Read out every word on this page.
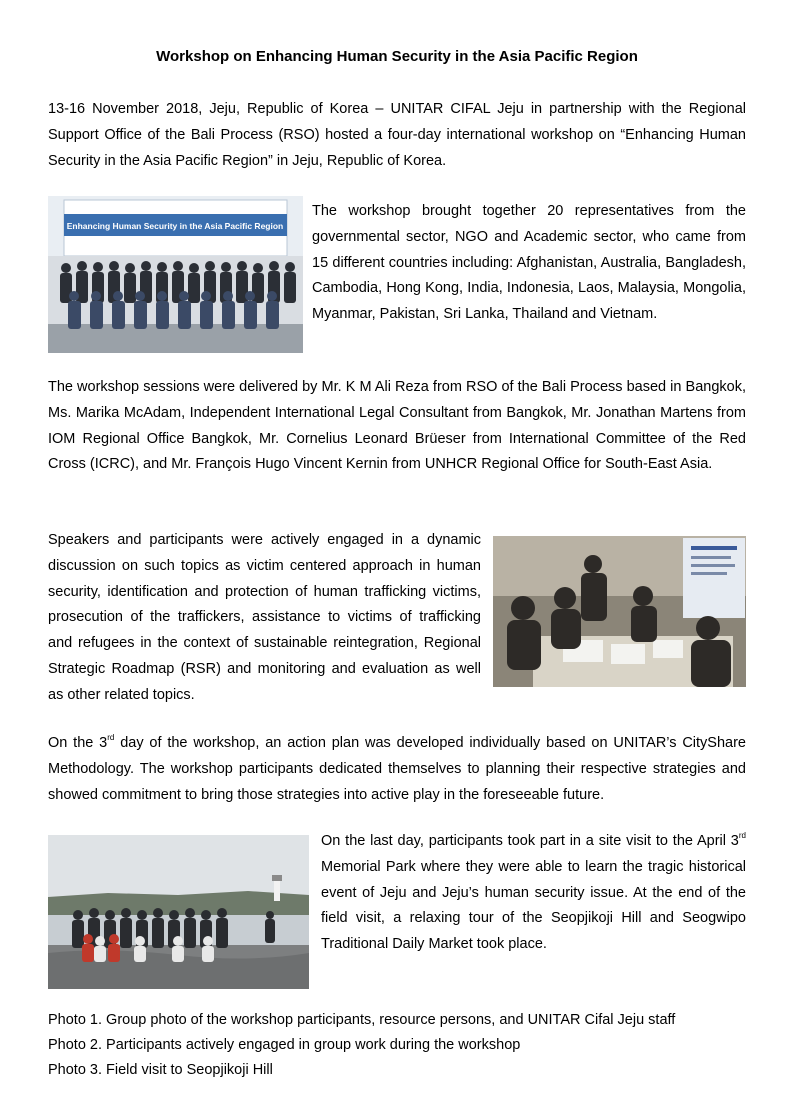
Workshop on Enhancing Human Security in the Asia Pacific Region

13-16 November 2018, Jeju, Republic of Korea – UNITAR CIFAL Jeju in partnership with the Regional Support Office of the Bali Process (RSO) hosted a four-day international workshop on “Enhancing Human Security in the Asia Pacific Region” in Jeju, Republic of Korea.

Enhancing Human Security in the Asia Pacific Region

The workshop brought together 20 representatives from the governmental sector, NGO and Academic sector, who came from 15 different countries including: Afghanistan, Australia, Bangladesh, Cambodia, Hong Kong, India, Indonesia, Laos, Malaysia, Mongolia, Myanmar, Pakistan, Sri Lanka, Thailand and Vietnam.

The workshop sessions were delivered by Mr. K M Ali Reza from RSO of the Bali Process based in Bangkok, Ms. Marika McAdam, Independent International Legal Consultant from Bangkok, Mr. Jonathan Martens from IOM Regional Office Bangkok, Mr. Cornelius Leonard Brüeser from International Committee of the Red Cross (ICRC), and Mr. François Hugo Vincent Kernin from UNHCR Regional Office for South-East Asia.

Speakers and participants were actively engaged in a dynamic discussion on such topics as victim centered approach in human security, identification and protection of human trafficking victims, prosecution of the traffickers, assistance to victims of trafficking and refugees in the context of sustainable reintegration, Regional Strategic Roadmap (RSR) and monitoring and evaluation as well as other related topics.

On the 3rd day of the workshop, an action plan was developed individually based on UNITAR’s CityShare Methodology. The workshop participants dedicated themselves to planning their respective strategies and showed commitment to bring those strategies into active play in the foreseeable future.

On the last day, participants took part in a site visit to the April 3rd Memorial Park where they were able to learn the tragic historical event of Jeju and Jeju’s human security issue. At the end of the field visit, a relaxing tour of the Seopjikoji Hill and Seogwipo Traditional Daily Market took place.

Photo 1. Group photo of the workshop participants, resource persons, and UNITAR Cifal Jeju staff
Photo 2. Participants actively engaged in group work during the workshop
Photo 3. Field visit to Seopjikoji Hill
